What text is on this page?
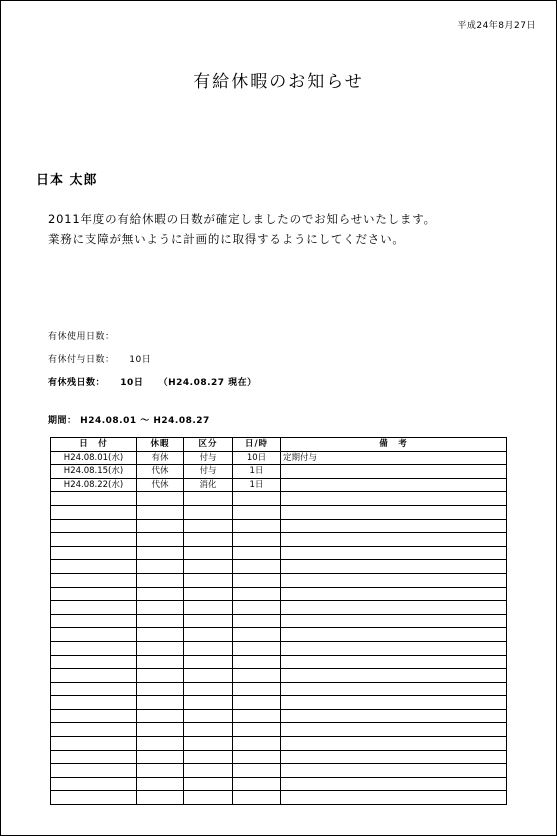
平成24年8月27日
有給休暇のお知らせ
日本 太郎
2011年度の有給休暇の日数が確定しましたのでお知らせいたします。
業務に支障が無いように計画的に取得するようにしてください。
有休使用日数：
有休付与日数： 10日
有休残日数： 10日 （H24.08.27 現在）
期間： H24.08.01 ～ H24.08.27
日　付	休暇	区分	日/時	備　考
H24.08.01(水)	有休	付与	10日	定期付与
H24.08.15(水)	代休	付与	1日	
H24.08.22(水)	代休	消化	1日	
